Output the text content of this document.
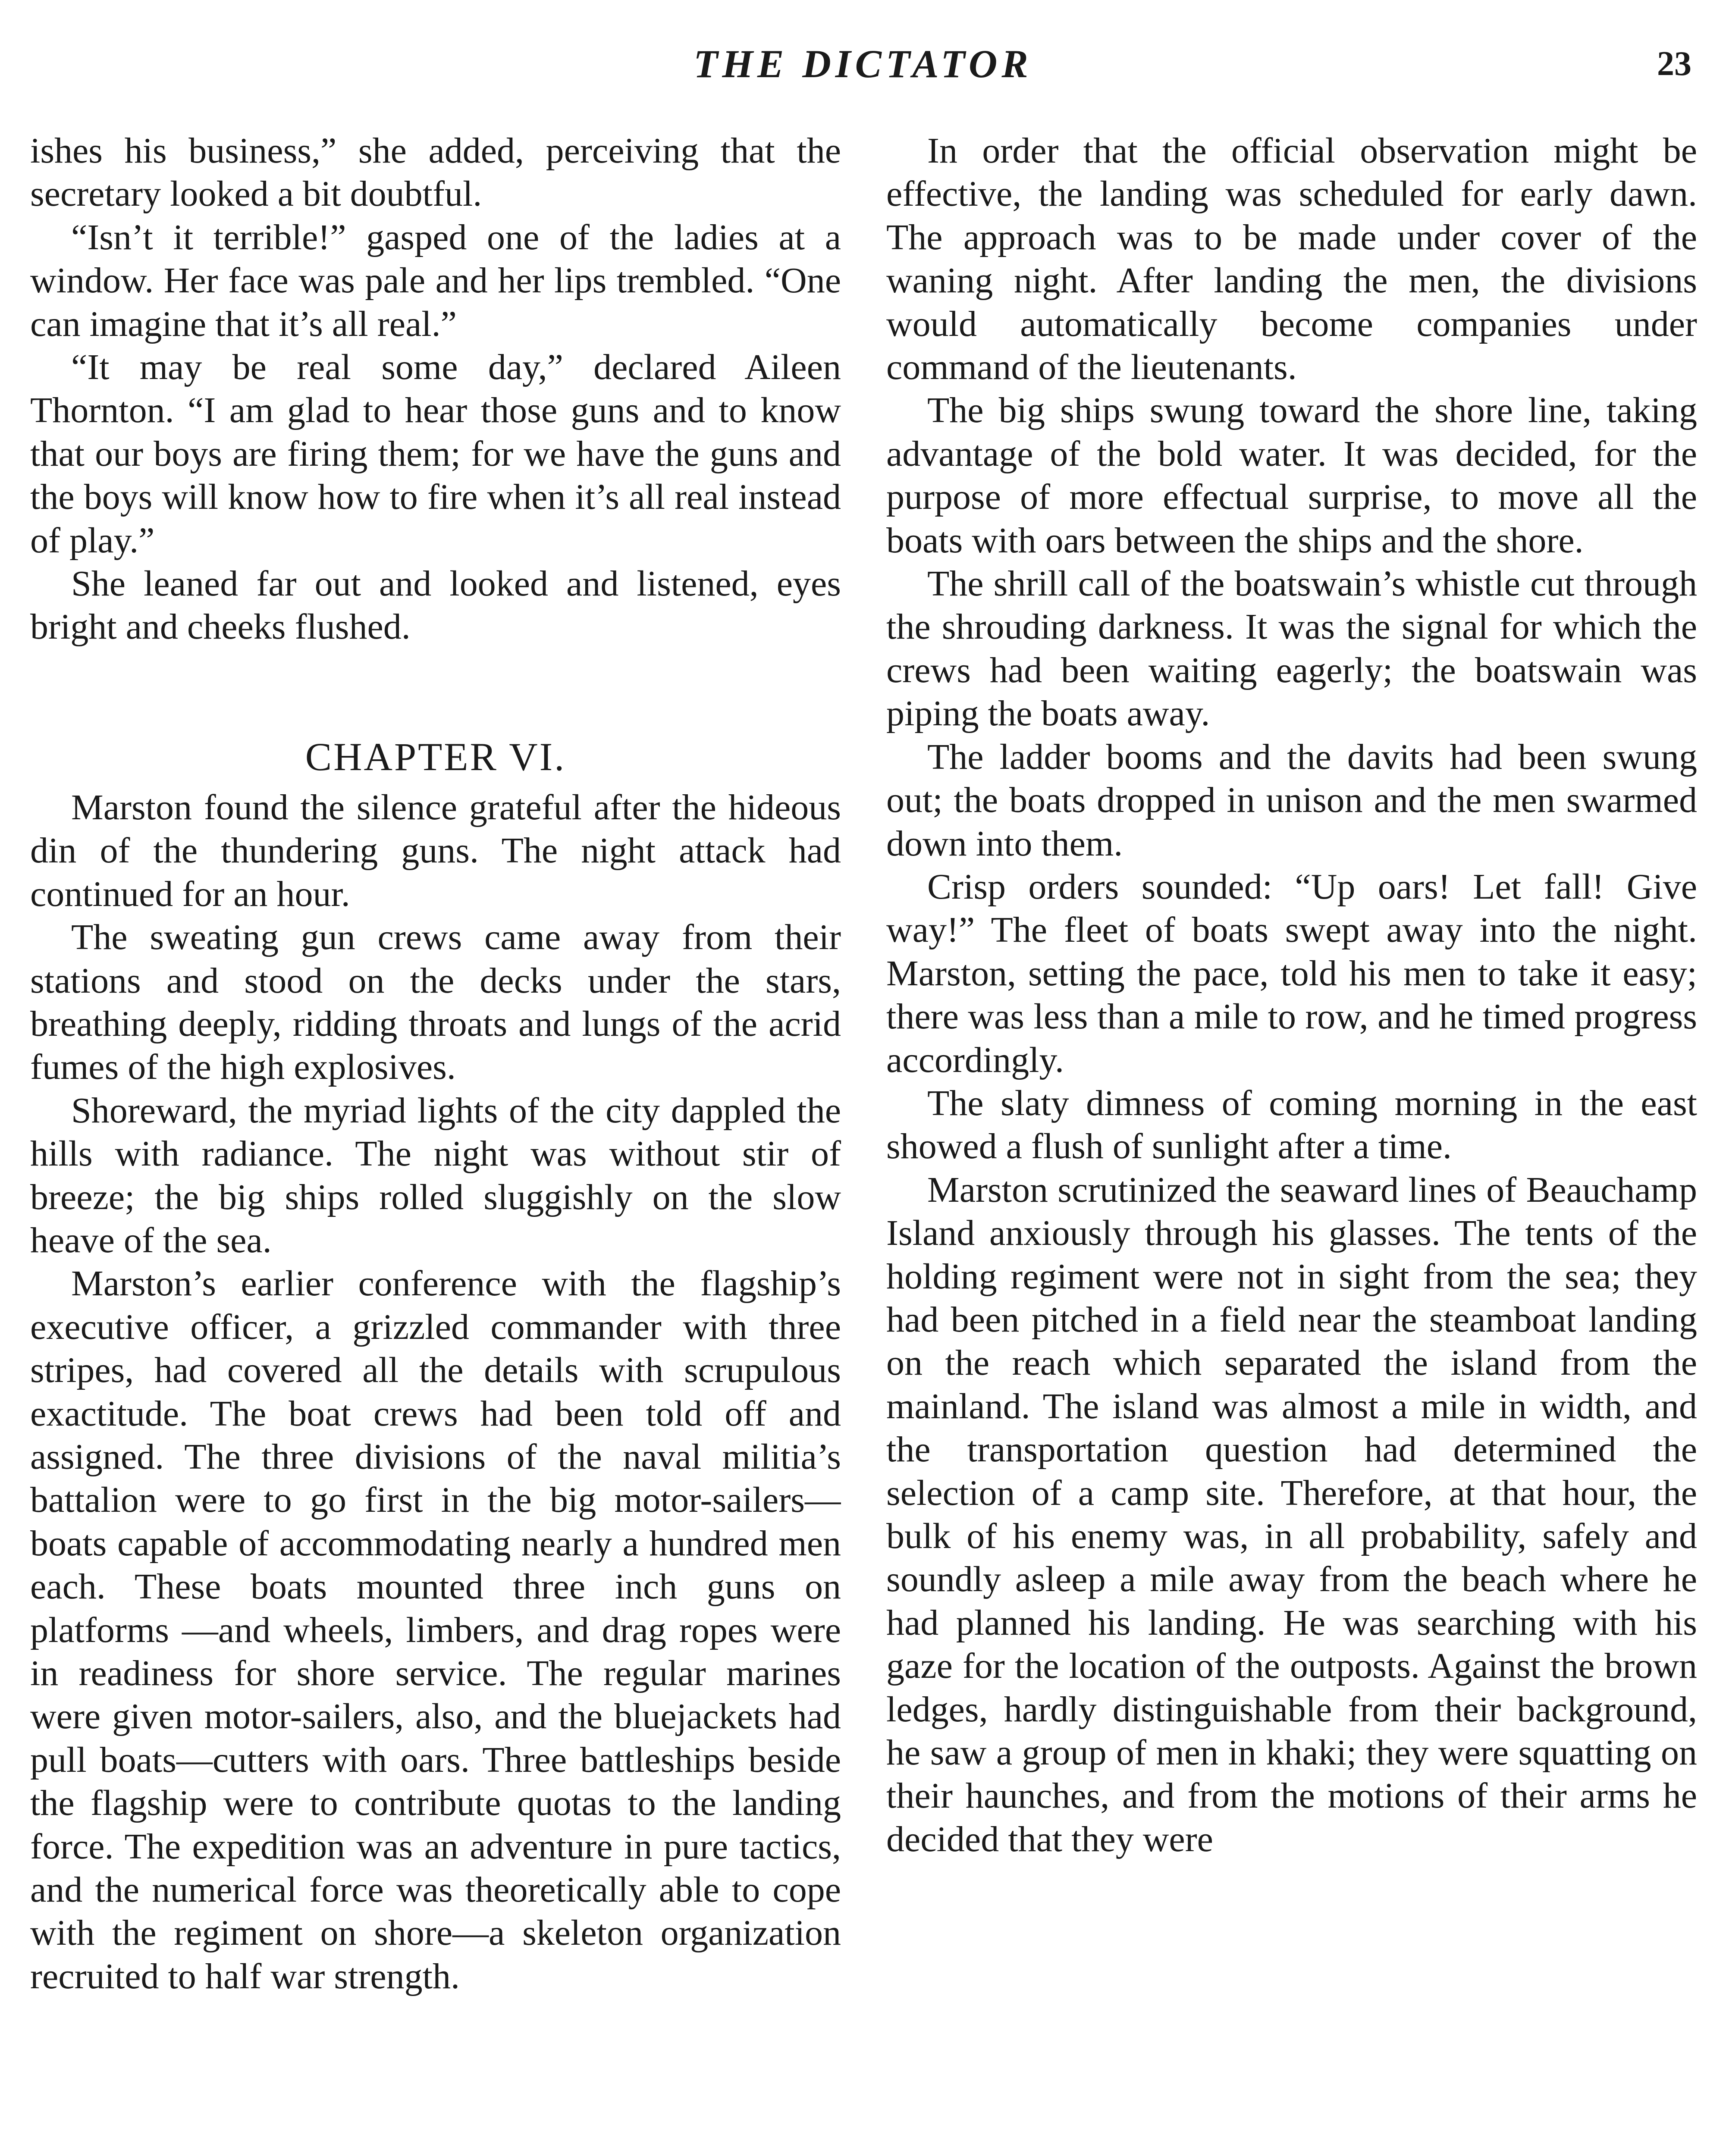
THE DICTATOR	23

ishes his business,” she added, perceiving that the secretary looked a bit doubtful.

“Isn’t it terrible!” gasped one of the ladies at a window. Her face was pale and her lips trembled. “One can imagine that it’s all real.”

“It may be real some day,” declared Aileen Thornton. “I am glad to hear those guns and to know that our boys are firing them; for we have the guns and the boys will know how to fire when it’s all real instead of play.”

She leaned far out and looked and listened, eyes bright and cheeks flushed.

CHAPTER VI.

Marston found the silence grateful after the hideous din of the thundering guns. The night attack had continued for an hour.

The sweating gun crews came away from their stations and stood on the decks under the stars, breathing deeply, ridding throats and lungs of the acrid fumes of the high explosives.

Shoreward, the myriad lights of the city dappled the hills with radiance. The night was without stir of breeze; the big ships rolled sluggishly on the slow heave of the sea.

Marston’s earlier conference with the flagship’s executive officer, a grizzled commander with three stripes, had covered all the details with scrupulous exactitude. The boat crews had been told off and assigned. The three divisions of the naval militia’s battalion were to go first in the big motor-sailers—boats capable of accommodating nearly a hundred men each. These boats mounted three inch guns on platforms —and wheels, limbers, and drag ropes were in readiness for shore service. The regular marines were given motor-sailers, also, and the bluejackets had pull boats—cutters with oars. Three battleships beside the flagship were to contribute quotas to the landing force. The expedition was an adventure in pure tactics, and the numerical force was theoretically able to cope with the regiment on shore—a skeleton organization recruited to half war strength.

In order that the official observation might be effective, the landing was scheduled for early dawn. The approach was to be made under cover of the waning night. After landing the men, the divisions would automatically become companies under command of the lieutenants.

The big ships swung toward the shore line, taking advantage of the bold water. It was decided, for the purpose of more effectual surprise, to move all the boats with oars between the ships and the shore.

The shrill call of the boatswain’s whistle cut through the shrouding darkness. It was the signal for which the crews had been waiting eagerly; the boatswain was piping the boats away.

The ladder booms and the davits had been swung out; the boats dropped in unison and the men swarmed down into them.

Crisp orders sounded: “Up oars! Let fall! Give way!” The fleet of boats swept away into the night. Marston, setting the pace, told his men to take it easy; there was less than a mile to row, and he timed progress accordingly.

The slaty dimness of coming morning in the east showed a flush of sunlight after a time.

Marston scrutinized the seaward lines of Beauchamp Island anxiously through his glasses. The tents of the holding regiment were not in sight from the sea; they had been pitched in a field near the steamboat landing on the reach which separated the island from the mainland. The island was almost a mile in width, and the transportation question had determined the selection of a camp site. Therefore, at that hour, the bulk of his enemy was, in all probability, safely and soundly asleep a mile away from the beach where he had planned his landing. He was searching with his gaze for the location of the outposts. Against the brown ledges, hardly distinguishable from their background, he saw a group of men in khaki; they were squatting on their haunches, and from the motions of their arms he decided that they were
